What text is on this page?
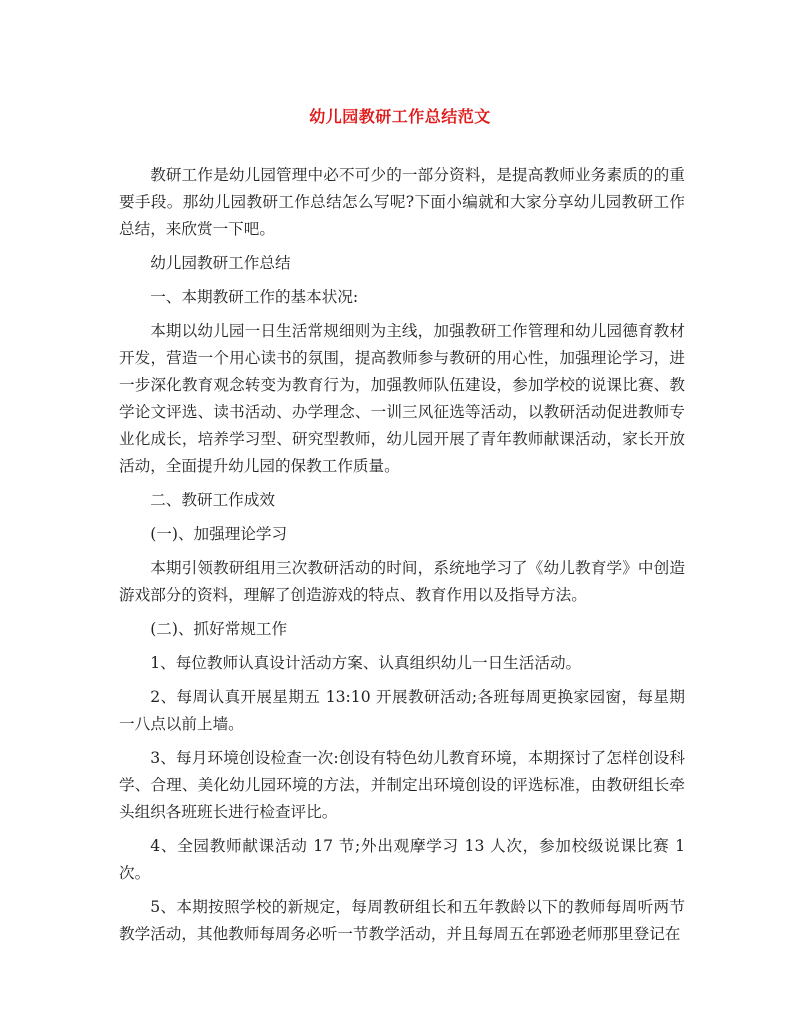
幼儿园教研工作总结范文

教研工作是幼儿园管理中必不可少的一部分资料，是提高教师业务素质的的重要手段。那幼儿园教研工作总结怎么写呢?下面小编就和大家分享幼儿园教研工作总结，来欣赏一下吧。

幼儿园教研工作总结

一、本期教研工作的基本状况:

本期以幼儿园一日生活常规细则为主线，加强教研工作管理和幼儿园德育教材开发，营造一个用心读书的氛围，提高教师参与教研的用心性，加强理论学习，进一步深化教育观念转变为教育行为，加强教师队伍建设，参加学校的说课比赛、教学论文评选、读书活动、办学理念、一训三风征选等活动，以教研活动促进教师专业化成长，培养学习型、研究型教师，幼儿园开展了青年教师献课活动，家长开放活动，全面提升幼儿园的保教工作质量。

二、教研工作成效

(一)、加强理论学习

本期引领教研组用三次教研活动的时间，系统地学习了《幼儿教育学》中创造游戏部分的资料，理解了创造游戏的特点、教育作用以及指导方法。

(二)、抓好常规工作

1、每位教师认真设计活动方案、认真组织幼儿一日生活活动。

2、每周认真开展星期五 13:10 开展教研活动;各班每周更换家园窗，每星期一八点以前上墙。

3、每月环境创设检查一次:创设有特色幼儿教育环境，本期探讨了怎样创设科学、合理、美化幼儿园环境的方法，并制定出环境创设的评选标准，由教研组长牵头组织各班班长进行检查评比。

4、全园教师献课活动 17 节;外出观摩学习 13 人次，参加校级说课比赛 1 次。

5、本期按照学校的新规定，每周教研组长和五年教龄以下的教师每周听两节教学活动，其他教师每周务必听一节教学活动，并且每周五在郭逊老师那里登记在
